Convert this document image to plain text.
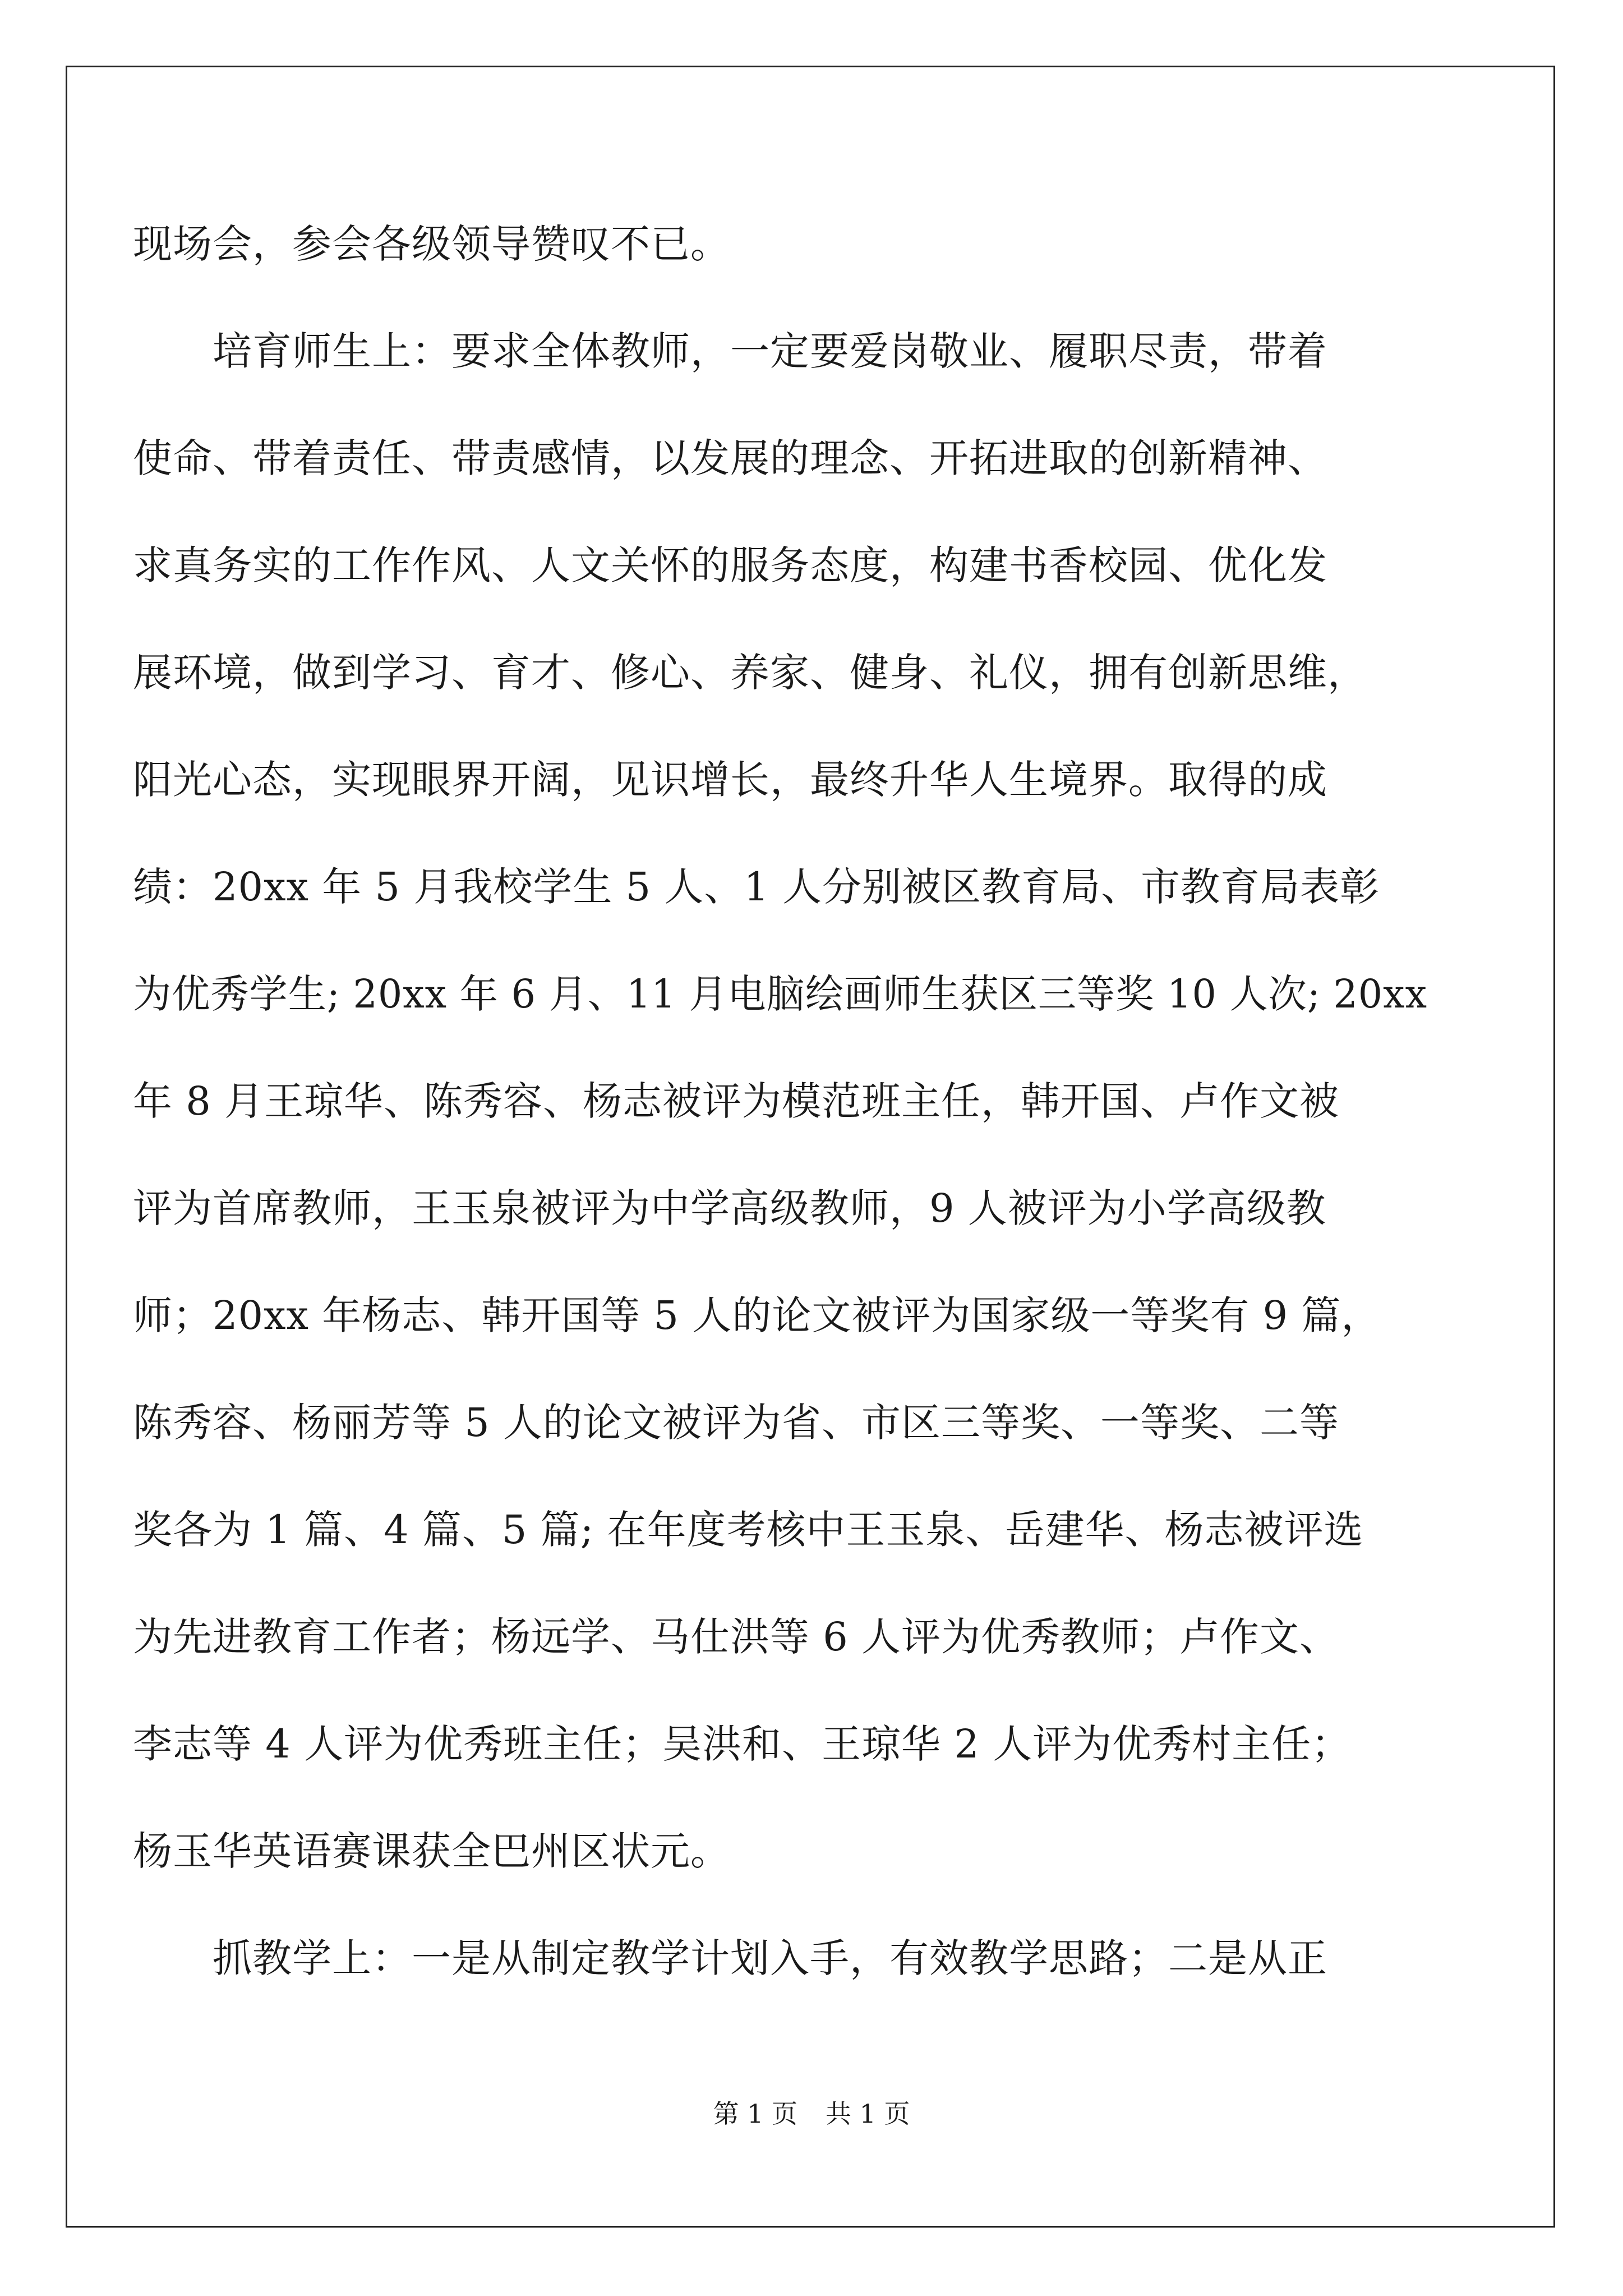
现场会，参会各级领导赞叹不已。
　　培育师生上：要求全体教师，一定要爱岗敬业、履职尽责，带着
使命、带着责任、带责感情，以发展的理念、开拓进取的创新精神、
求真务实的工作作风、人文关怀的服务态度，构建书香校园、优化发
展环境，做到学习、育才、修心、养家、健身、礼仪，拥有创新思维，
阳光心态，实现眼界开阔，见识增长，最终升华人生境界。取得的成
绩：20xx 年 5 月我校学生 5 人、1 人分别被区教育局、市教育局表彰
为优秀学生; 20xx 年 6 月、11 月电脑绘画师生获区三等奖 10 人次; 20xx
年 8 月王琼华、陈秀容、杨志被评为模范班主任，韩开国、卢作文被
评为首席教师，王玉泉被评为中学高级教师，9 人被评为小学高级教
师；20xx 年杨志、韩开国等 5 人的论文被评为国家级一等奖有 9 篇，
陈秀容、杨丽芳等 5 人的论文被评为省、市区三等奖、一等奖、二等
奖各为 1 篇、4 篇、5 篇; 在年度考核中王玉泉、岳建华、杨志被评选
为先进教育工作者；杨远学、马仕洪等 6 人评为优秀教师；卢作文、
李志等 4 人评为优秀班主任；吴洪和、王琼华 2 人评为优秀村主任；
杨玉华英语赛课获全巴州区状元。
　　抓教学上：一是从制定教学计划入手，有效教学思路；二是从正
第 1 页 共 1 页
